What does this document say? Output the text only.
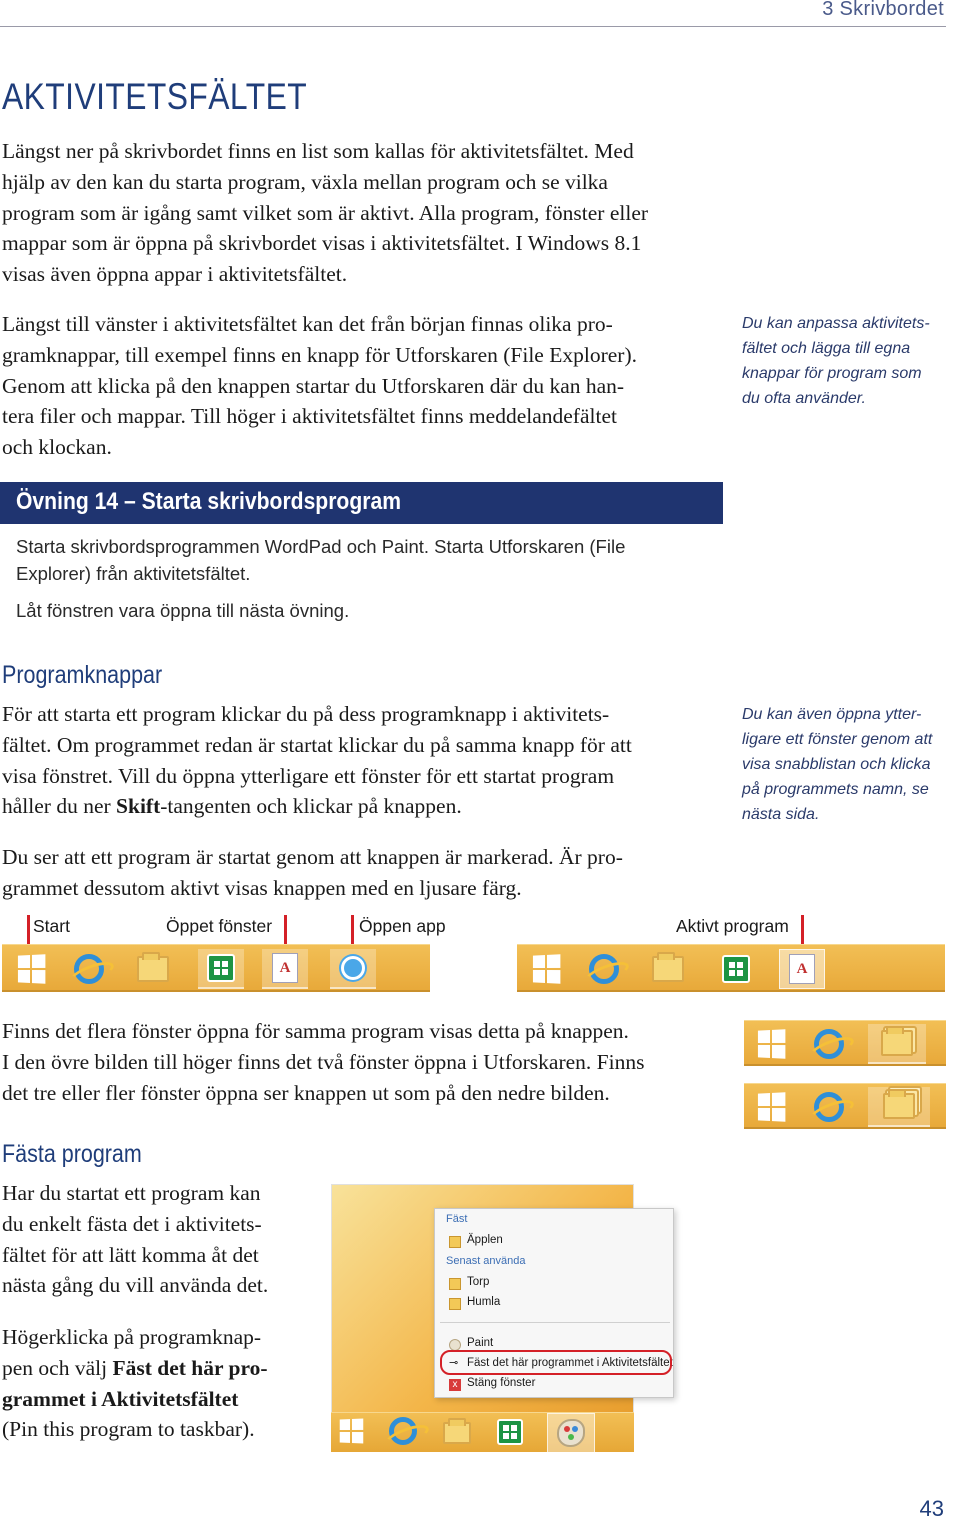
3 Skrivbordet
AKTIVITETSFÄLTET
Längst ner på skrivbordet finns en list som kallas för aktivitetsfältet. Med
hjälp av den kan du starta program, växla mellan program och se vilka
program som är igång samt vilket som är aktivt. Alla program, fönster eller
mappar som är öppna på skrivbordet visas i aktivitetsfältet. I Windows 8.1
visas även öppna appar i aktivitetsfältet.
Längst till vänster i aktivitetsfältet kan det från början finnas olika pro-
gramknappar, till exempel finns en knapp för Utforskaren (File Explorer).
Genom att klicka på den knappen startar du Utforskaren där du kan han-
tera filer och mappar. Till höger i aktivitetsfältet finns meddelandefältet
och klockan.
Du kan anpassa aktivitets-
fältet och lägga till egna
knappar för program som
du ofta använder.
Övning 14 – Starta skrivbordsprogram
Starta skrivbordsprogrammen WordPad och Paint. Starta Utforskaren (File
Explorer) från aktivitetsfältet.
Låt fönstren vara öppna till nästa övning.
Programknappar
För att starta ett program klickar du på dess programknapp i aktivitets-
fältet. Om programmet redan är startat klickar du på samma knapp för att
visa fönstret. Vill du öppna ytterligare ett fönster för ett startat program
håller du ner Skift-tangenten och klickar på knappen.
Du ser att ett program är startat genom att knappen är markerad. Är pro-
grammet dessutom aktivt visas knappen med en ljusare färg.
Du kan även öppna ytter-
ligare ett fönster genom att
visa snabblistan och klicka
på programmets namn, se
nästa sida.
Start	Öppet fönster	Öppen app	Aktivt program
A	A
Finns det flera fönster öppna för samma program visas detta på knappen.
I den övre bilden till höger finns det två fönster öppna i Utforskaren. Finns
det tre eller fler fönster öppna ser knappen ut som på den nedre bilden.
Fästa program
Har du startat ett program kan
du enkelt fästa det i aktivitets-
fältet för att lätt komma åt det
nästa gång du vill använda det.
Högerklicka på programknap-
pen och välj Fäst det här pro-
grammet i Aktivitetsfältet
(Pin this program to taskbar).
Fäst
Äpplen
Senast använda
Torp
Humla
Paint
⊸ Fäst det här programmet i Aktivitetsfältet
x Stäng fönster
43
